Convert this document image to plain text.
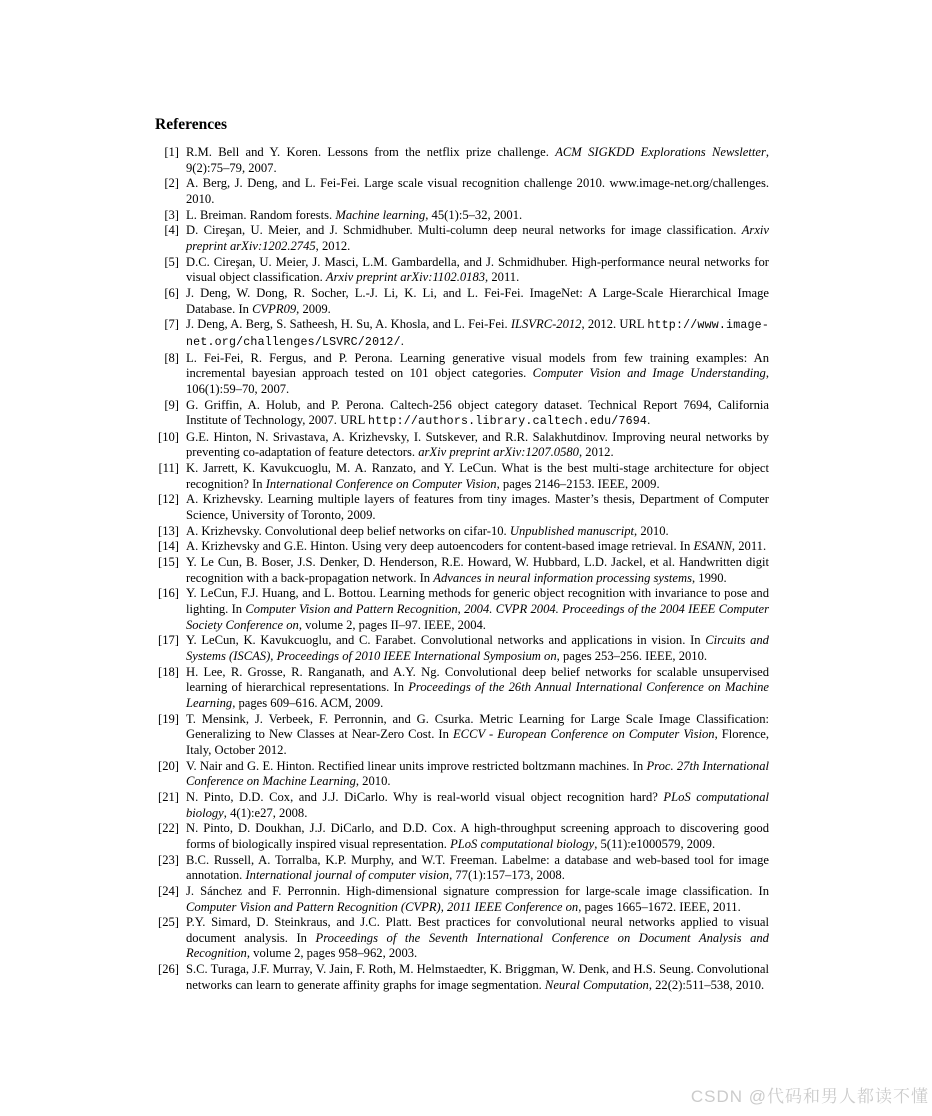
References
[1] R.M. Bell and Y. Koren. Lessons from the netflix prize challenge. ACM SIGKDD Explorations Newsletter, 9(2):75–79, 2007.
[2] A. Berg, J. Deng, and L. Fei-Fei. Large scale visual recognition challenge 2010. www.image-net.org/challenges. 2010.
[3] L. Breiman. Random forests. Machine learning, 45(1):5–32, 2001.
[4] D. Cireşan, U. Meier, and J. Schmidhuber. Multi-column deep neural networks for image classification. Arxiv preprint arXiv:1202.2745, 2012.
[5] D.C. Cireşan, U. Meier, J. Masci, L.M. Gambardella, and J. Schmidhuber. High-performance neural networks for visual object classification. Arxiv preprint arXiv:1102.0183, 2011.
[6] J. Deng, W. Dong, R. Socher, L.-J. Li, K. Li, and L. Fei-Fei. ImageNet: A Large-Scale Hierarchical Image Database. In CVPR09, 2009.
[7] J. Deng, A. Berg, S. Satheesh, H. Su, A. Khosla, and L. Fei-Fei. ILSVRC-2012, 2012. URL http://www.image-net.org/challenges/LSVRC/2012/.
[8] L. Fei-Fei, R. Fergus, and P. Perona. Learning generative visual models from few training examples: An incremental bayesian approach tested on 101 object categories. Computer Vision and Image Understanding, 106(1):59–70, 2007.
[9] G. Griffin, A. Holub, and P. Perona. Caltech-256 object category dataset. Technical Report 7694, California Institute of Technology, 2007. URL http://authors.library.caltech.edu/7694.
[10] G.E. Hinton, N. Srivastava, A. Krizhevsky, I. Sutskever, and R.R. Salakhutdinov. Improving neural networks by preventing co-adaptation of feature detectors. arXiv preprint arXiv:1207.0580, 2012.
[11] K. Jarrett, K. Kavukcuoglu, M. A. Ranzato, and Y. LeCun. What is the best multi-stage architecture for object recognition? In International Conference on Computer Vision, pages 2146–2153. IEEE, 2009.
[12] A. Krizhevsky. Learning multiple layers of features from tiny images. Master’s thesis, Department of Computer Science, University of Toronto, 2009.
[13] A. Krizhevsky. Convolutional deep belief networks on cifar-10. Unpublished manuscript, 2010.
[14] A. Krizhevsky and G.E. Hinton. Using very deep autoencoders for content-based image retrieval. In ESANN, 2011.
[15] Y. Le Cun, B. Boser, J.S. Denker, D. Henderson, R.E. Howard, W. Hubbard, L.D. Jackel, et al. Handwritten digit recognition with a back-propagation network. In Advances in neural information processing systems, 1990.
[16] Y. LeCun, F.J. Huang, and L. Bottou. Learning methods for generic object recognition with invariance to pose and lighting. In Computer Vision and Pattern Recognition, 2004. CVPR 2004. Proceedings of the 2004 IEEE Computer Society Conference on, volume 2, pages II–97. IEEE, 2004.
[17] Y. LeCun, K. Kavukcuoglu, and C. Farabet. Convolutional networks and applications in vision. In Circuits and Systems (ISCAS), Proceedings of 2010 IEEE International Symposium on, pages 253–256. IEEE, 2010.
[18] H. Lee, R. Grosse, R. Ranganath, and A.Y. Ng. Convolutional deep belief networks for scalable unsupervised learning of hierarchical representations. In Proceedings of the 26th Annual International Conference on Machine Learning, pages 609–616. ACM, 2009.
[19] T. Mensink, J. Verbeek, F. Perronnin, and G. Csurka. Metric Learning for Large Scale Image Classification: Generalizing to New Classes at Near-Zero Cost. In ECCV - European Conference on Computer Vision, Florence, Italy, October 2012.
[20] V. Nair and G. E. Hinton. Rectified linear units improve restricted boltzmann machines. In Proc. 27th International Conference on Machine Learning, 2010.
[21] N. Pinto, D.D. Cox, and J.J. DiCarlo. Why is real-world visual object recognition hard? PLoS computational biology, 4(1):e27, 2008.
[22] N. Pinto, D. Doukhan, J.J. DiCarlo, and D.D. Cox. A high-throughput screening approach to discovering good forms of biologically inspired visual representation. PLoS computational biology, 5(11):e1000579, 2009.
[23] B.C. Russell, A. Torralba, K.P. Murphy, and W.T. Freeman. Labelme: a database and web-based tool for image annotation. International journal of computer vision, 77(1):157–173, 2008.
[24] J. Sánchez and F. Perronnin. High-dimensional signature compression for large-scale image classification. In Computer Vision and Pattern Recognition (CVPR), 2011 IEEE Conference on, pages 1665–1672. IEEE, 2011.
[25] P.Y. Simard, D. Steinkraus, and J.C. Platt. Best practices for convolutional neural networks applied to visual document analysis. In Proceedings of the Seventh International Conference on Document Analysis and Recognition, volume 2, pages 958–962, 2003.
[26] S.C. Turaga, J.F. Murray, V. Jain, F. Roth, M. Helmstaedter, K. Briggman, W. Denk, and H.S. Seung. Convolutional networks can learn to generate affinity graphs for image segmentation. Neural Computation, 22(2):511–538, 2010.
CSDN @代码和男人都读不懂
